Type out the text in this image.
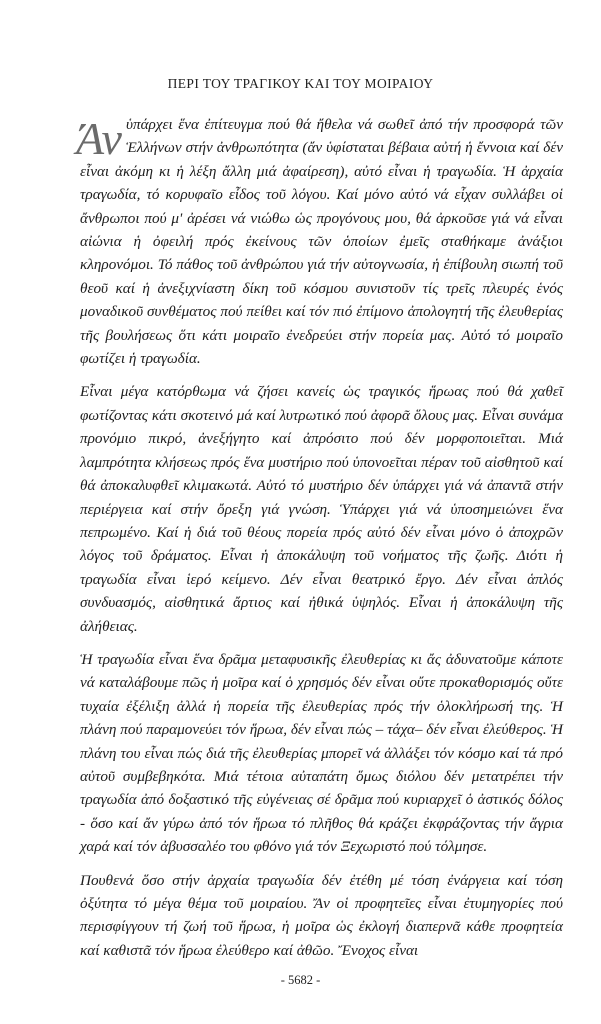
ΠΕΡΙ ΤΟΥ ΤΡΑΓΙΚΟΥ ΚΑΙ ΤΟΥ ΜΟΙΡΑΙΟΥ

Άν ὑπάρχει ἕνα ἐπίτευγμα πού θά ἤθελα νά σωθεῖ ἀπό τήν προσφορά τῶν Ἑλλήνων στήν ἀνθρωπότητα (ἄν ὑφίσταται βέβαια αὐτή ἡ ἔννοια καί δέν εἶναι ἀκόμη κι ἡ λέξη ἄλλη μιά ἀφαίρεση), αὐτό εἶναι ἡ τραγωδία. Ἡ ἀρχαία τραγωδία, τό κορυφαῖο εἶδος τοῦ λόγου. Καί μόνο αὐτό νά εἶχαν συλλάβει οἱ ἄνθρωποι πού μ' ἀρέσει νά νιώθω ὡς προγόνους μου, θά ἀρκοῦσε γιά νά εἶναι αἰώνια ἡ ὀφειλή πρός ἐκείνους τῶν ὁποίων ἐμεῖς σταθήκαμε ἀνάξιοι κληρονόμοι. Τό πάθος τοῦ ἀνθρώπου γιά τήν αὐτογνωσία, ἡ ἐπίβουλη σιωπή τοῦ θεοῦ καί ἡ ἀνεξιχνίαστη δίκη τοῦ κόσμου συνιστοῦν τίς τρεῖς πλευρές ἑνός μοναδικοῦ συνθέματος πού πείθει καί τόν πιό ἐπίμονο ἀπολογητή τῆς ἐλευθερίας τῆς βουλήσεως ὅτι κάτι μοιραῖο ἐνεδρεύει στήν πορεία μας. Αὐτό τό μοιραῖο φωτίζει ἡ τραγωδία.

Εἶναι μέγα κατόρθωμα νά ζήσει κανείς ὡς τραγικός ἥρωας πού θά χαθεῖ φωτίζοντας κάτι σκοτεινό μά καί λυτρωτικό πού ἀφορᾶ ὅλους μας. Εἶναι συνάμα προνόμιο πικρό, ἀνεξήγητο καί ἀπρόσιτο πού δέν μορφοποιεῖται. Μιά λαμπρότητα κλήσεως πρός ἕνα μυστήριο πού ὑπονοεῖται πέραν τοῦ αἰσθητοῦ καί θά ἀποκαλυφθεῖ κλιμακωτά. Αὐτό τό μυστήριο δέν ὑπάρχει γιά νά ἀπαντᾶ στήν περιέργεια καί στήν ὄρεξη γιά γνώση. Ὑπάρχει γιά νά ὑποσημειώνει ἕνα πεπρωμένο. Καί ἡ διά τοῦ θέους πορεία πρός αὐτό δέν εἶναι μόνο ὁ ἀποχρῶν λόγος τοῦ δράματος. Εἶναι ἡ ἀποκάλυψη τοῦ νοήματος τῆς ζωῆς. Διότι ἡ τραγωδία εἶναι ἱερό κείμενο. Δέν εἶναι θεατρικό ἔργο. Δέν εἶναι ἁπλός συνδυασμός, αἰσθητικά ἄρτιος καί ἠθικά ὑψηλός. Εἶναι ἡ ἀποκάλυψη τῆς ἀλήθειας.

Ἡ τραγωδία εἶναι ἕνα δρᾶμα μεταφυσικῆς ἐλευθερίας κι ἄς ἀδυνατοῦμε κάποτε νά καταλάβουμε πῶς ἡ μοῖρα καί ὁ χρησμός δέν εἶναι οὔτε προκαθορισμός οὔτε τυχαία ἐξέλιξη ἀλλά ἡ πορεία τῆς ἐλευθερίας πρός τήν ὁλοκλήρωσή της. Ἡ πλάνη πού παραμονεύει τόν ἥρωα, δέν εἶναι πώς – τάχα– δέν εἶναι ἐλεύθερος. Ἡ πλάνη του εἶναι πώς διά τῆς ἐλευθερίας μπορεῖ νά ἀλλάξει τόν κόσμο καί τά πρό αὐτοῦ συμβεβηκότα. Μιά τέτοια αὐταπάτη ὅμως διόλου δέν μετατρέπει τήν τραγωδία ἀπό δοξαστικό τῆς εὐγένειας σέ δρᾶμα πού κυριαρχεῖ ὁ ἀστικός δόλος - ὅσο καί ἄν γύρω ἀπό τόν ἥρωα τό πλῆθος θά κράζει ἐκφράζοντας τήν ἄγρια χαρά καί τόν ἀβυσσαλέο του φθόνο γιά τόν Ξεχωριστό πού τόλμησε.

Πουθενά ὅσο στήν ἀρχαία τραγωδία δέν ἐτέθη μέ τόση ἐνάργεια καί τόση ὀξύτητα τό μέγα θέμα τοῦ μοιραίου. Ἄν οἱ προφητεῖες εἶναι ἐτυμηγορίες πού περισφίγγουν τή ζωή τοῦ ἥρωα, ἡ μοῖρα ὡς ἐκλογή διαπερνᾶ κάθε προφητεία καί καθιστᾶ τόν ἥρωα ἐλεύθερο καί ἀθῶο. Ἔνοχος εἶναι

- 5682 -
